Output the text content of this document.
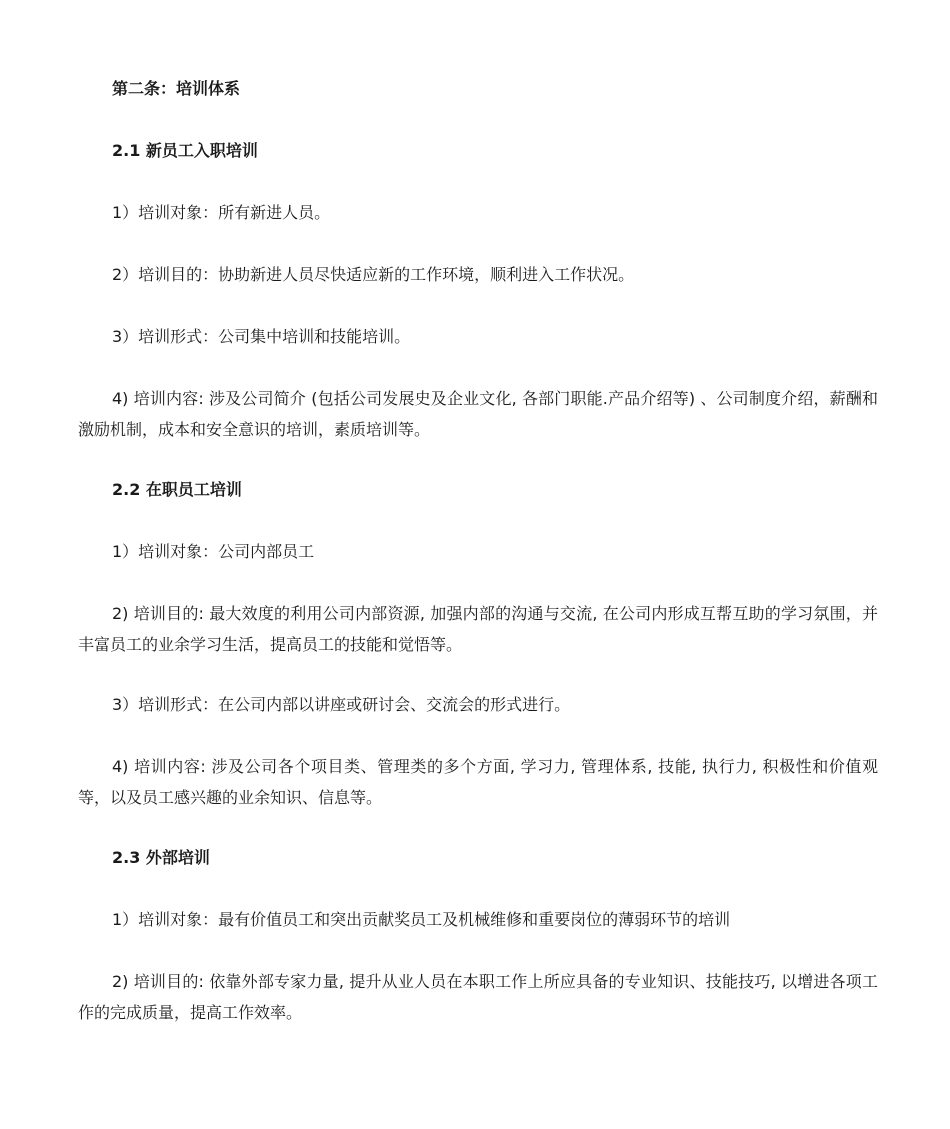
第二条：培训体系
2.1 新员工入职培训
1）培训对象：所有新进人员。
2）培训目的：协助新进人员尽快适应新的工作环境，顺利进入工作状况。
3）培训形式：公司集中培训和技能培训。
4) 培训内容: 涉及公司简介 (包括公司发展史及企业文化, 各部门职能.产品介绍等) 、公司制度介绍，薪酬和激励机制，成本和安全意识的培训，素质培训等。
2.2 在职员工培训
1）培训对象：公司内部员工
2) 培训目的: 最大效度的利用公司内部资源, 加强内部的沟通与交流, 在公司内形成互帮互助的学习氛围，并丰富员工的业余学习生活，提高员工的技能和觉悟等。
3）培训形式：在公司内部以讲座或研讨会、交流会的形式进行。
4) 培训内容: 涉及公司各个项目类、管理类的多个方面, 学习力, 管理体系, 技能, 执行力, 积极性和价值观等，以及员工感兴趣的业余知识、信息等。
2.3 外部培训
1）培训对象：最有价值员工和突出贡献奖员工及机械维修和重要岗位的薄弱环节的培训
2) 培训目的: 依靠外部专家力量, 提升从业人员在本职工作上所应具备的专业知识、技能技巧, 以增进各项工作的完成质量，提高工作效率。
